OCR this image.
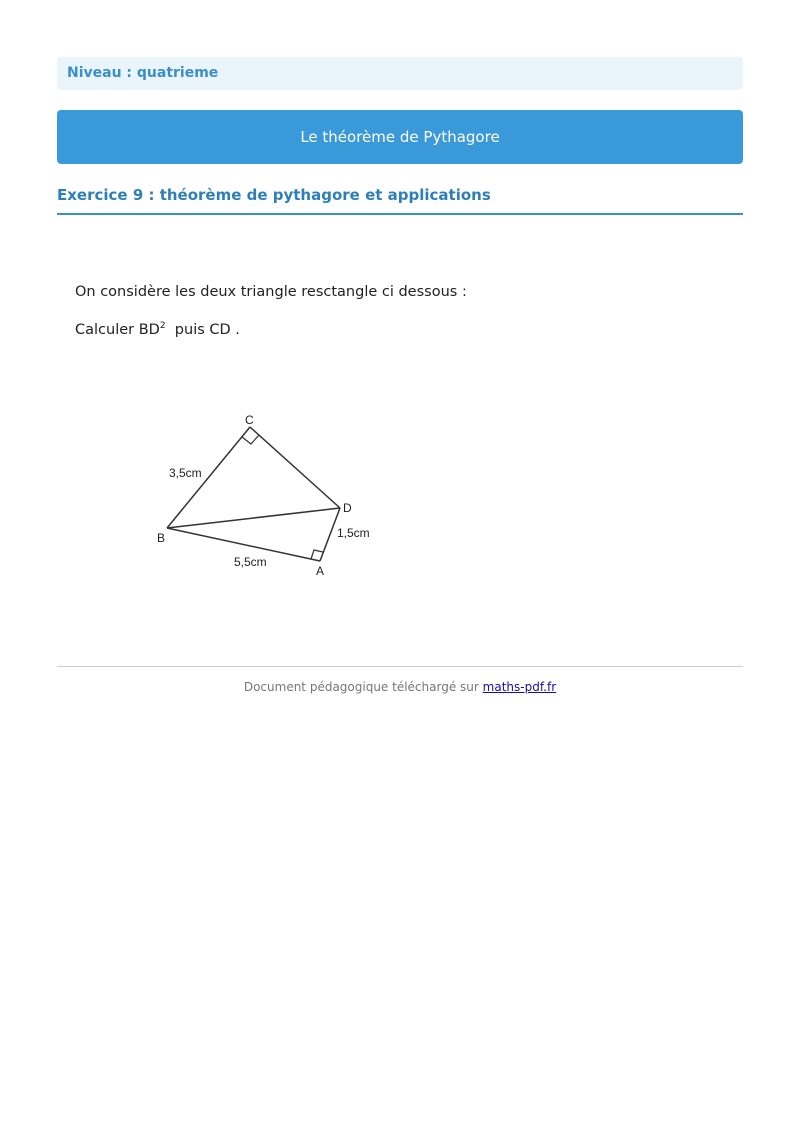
Niveau : quatrieme
Le théorème de Pythagore
Exercice 9 : théorème de pythagore et applications
On considère les deux triangle resctangle ci dessous :
Calculer $BD^2$ puis CD .
C
D
B
A
3,5cm
1,5cm
5,5cm
Document pédagogique téléchargé sur maths-pdf.fr
